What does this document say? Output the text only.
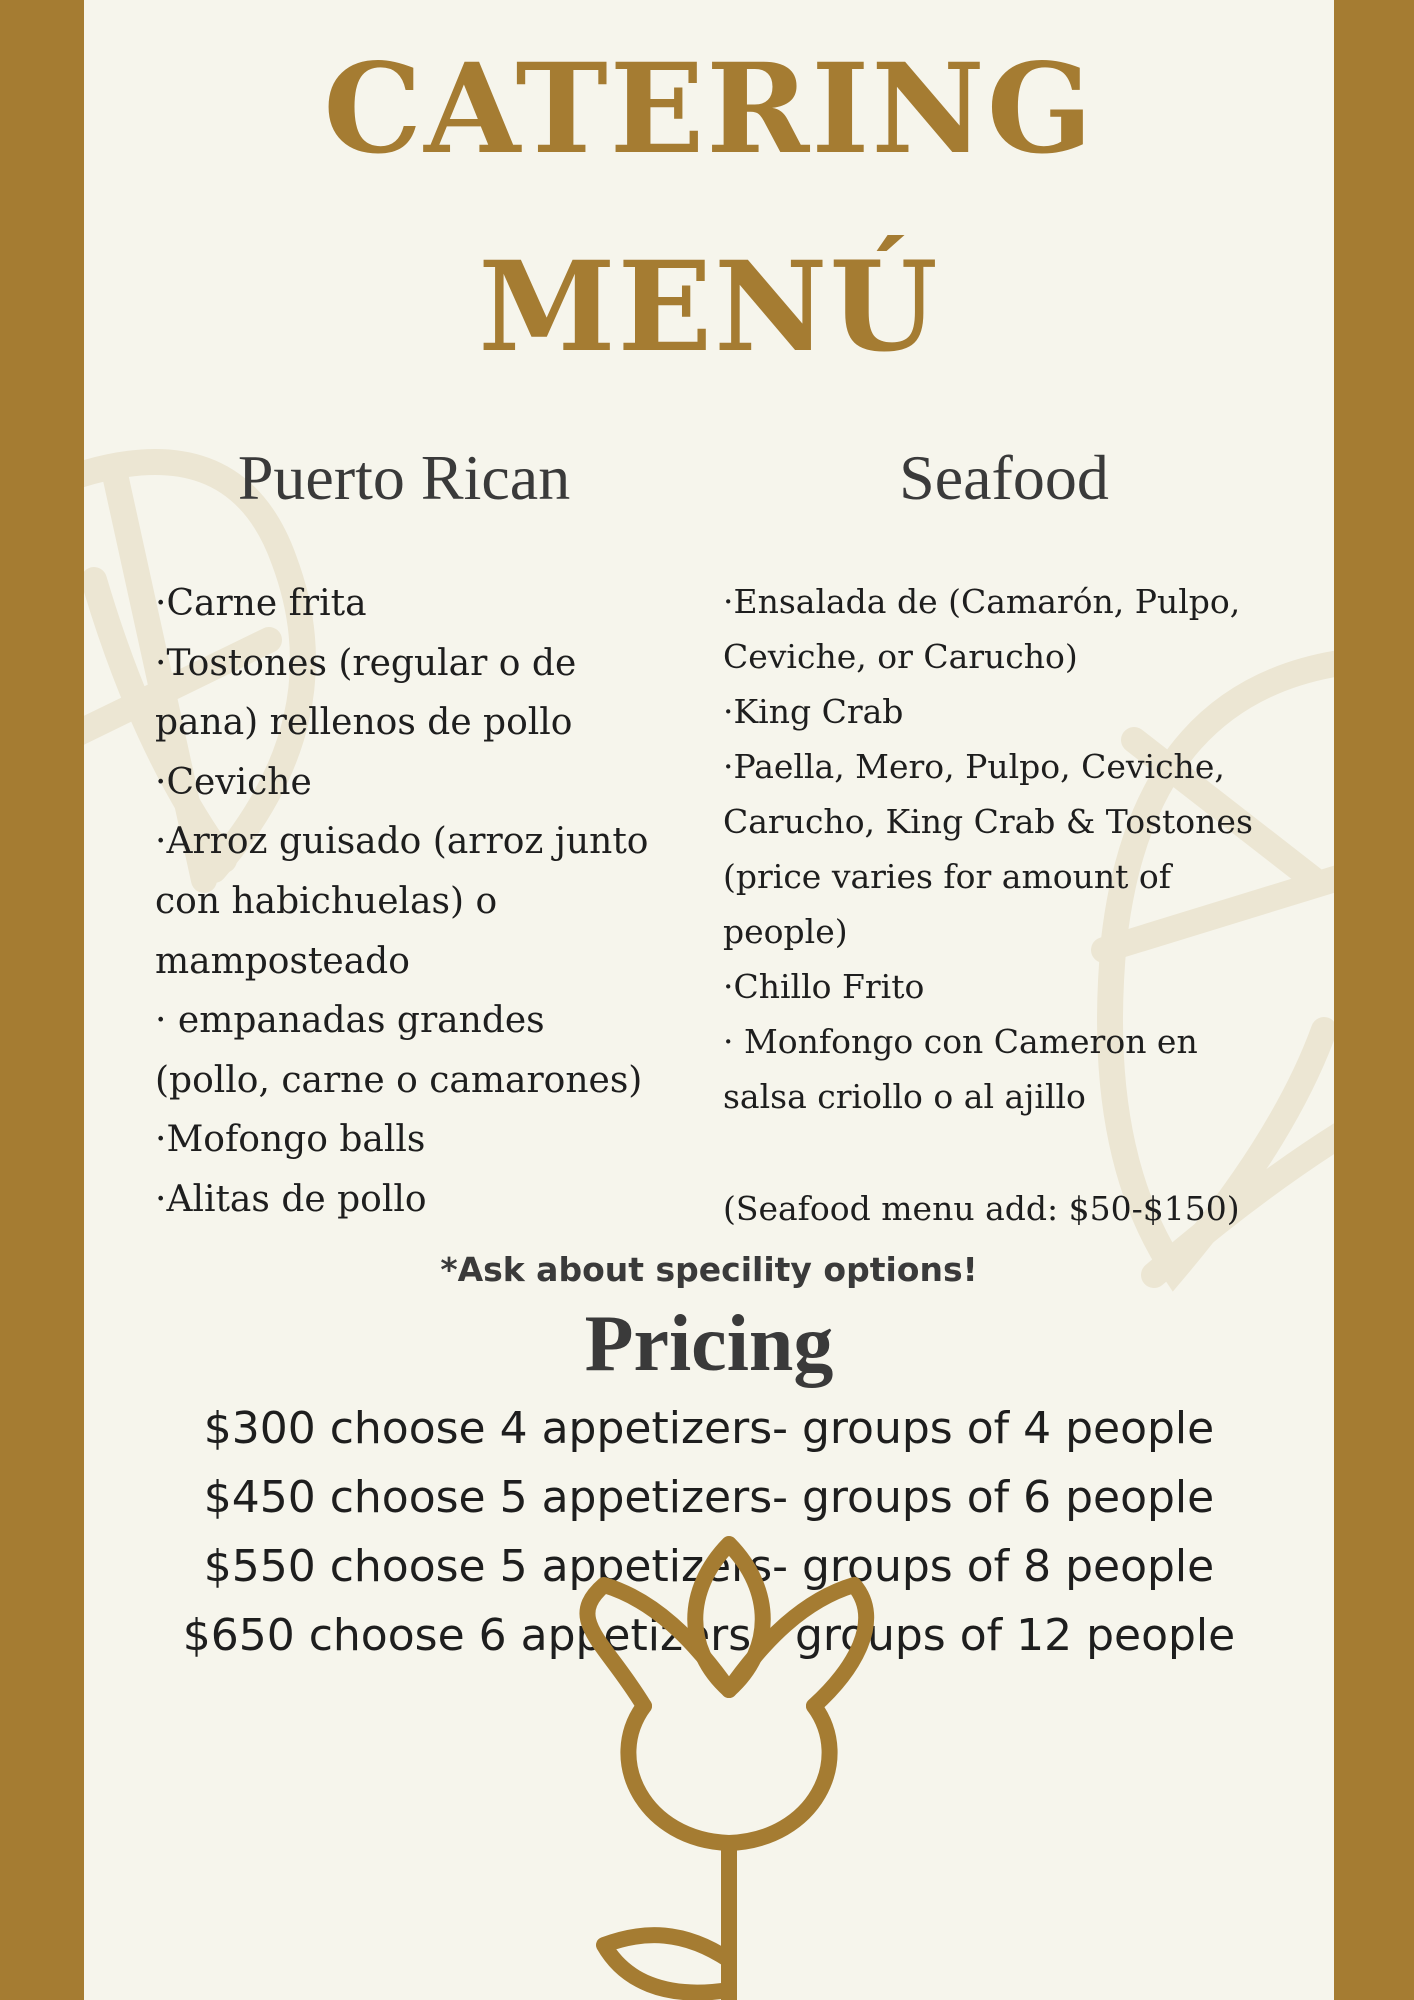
CATERING
MENÚ
Puerto Rican	Seafood
·Carne frita
·Tostones (regular o de
pana) rellenos de pollo
·Ceviche
·Arroz guisado (arroz junto
con habichuelas) o
mamposteado
· empanadas grandes
(pollo, carne o camarones)
·Mofongo balls
·Alitas de pollo
·Ensalada de (Camarón, Pulpo,
Ceviche, or Carucho)
·King Crab
·Paella, Mero, Pulpo, Ceviche,
Carucho, King Crab & Tostones
(price varies for amount of
people)
·Chillo Frito
· Monfongo con Cameron en
salsa criollo o al ajillo

(Seafood menu add: $50-$150)

*Ask about specility options!

Pricing
$300 choose 4 appetizers- groups of 4 people
$450 choose 5 appetizers- groups of 6 people
$550 choose 5 appetizers- groups of 8 people
$650 choose 6 appetizers - groups of 12 people
